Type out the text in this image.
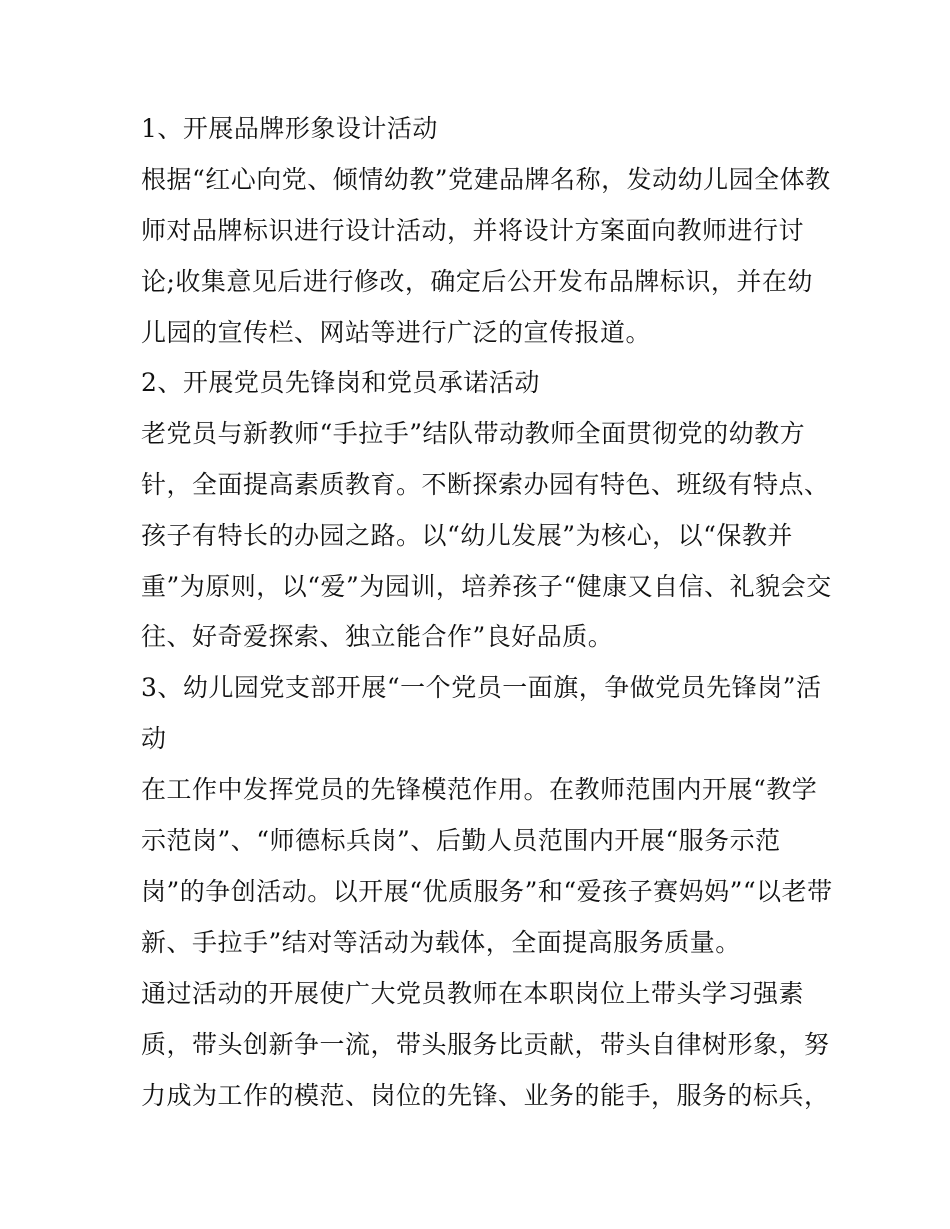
1、开展品牌形象设计活动
根据“红心向党、倾情幼教”党建品牌名称，发动幼儿园全体教
师对品牌标识进行设计活动，并将设计方案面向教师进行讨
论;收集意见后进行修改，确定后公开发布品牌标识，并在幼
儿园的宣传栏、网站等进行广泛的宣传报道。
2、开展党员先锋岗和党员承诺活动
老党员与新教师“手拉手”结队带动教师全面贯彻党的幼教方
针，全面提高素质教育。不断探索办园有特色、班级有特点、
孩子有特长的办园之路。以“幼儿发展”为核心，以“保教并
重”为原则，以“爱”为园训，培养孩子“健康又自信、礼貌会交
往、好奇爱探索、独立能合作”良好品质。
3、幼儿园党支部开展“一个党员一面旗，争做党员先锋岗”活
动
在工作中发挥党员的先锋模范作用。在教师范围内开展“教学
示范岗”、“师德标兵岗”、后勤人员范围内开展“服务示范
岗”的争创活动。以开展“优质服务”和“爱孩子赛妈妈”“以老带
新、手拉手”结对等活动为载体，全面提高服务质量。
通过活动的开展使广大党员教师在本职岗位上带头学习强素
质，带头创新争一流，带头服务比贡献，带头自律树形象，努
力成为工作的模范、岗位的先锋、业务的能手，服务的标兵，
